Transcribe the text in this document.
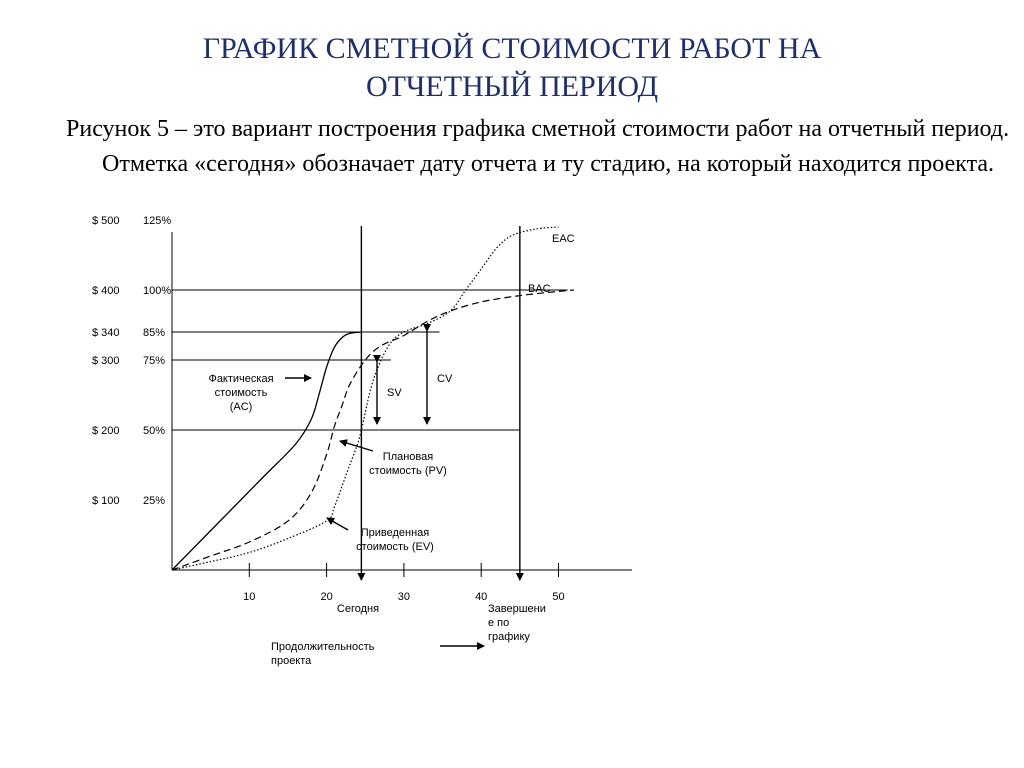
ГРАФИК СМЕТНОЙ СТОИМОСТИ РАБОТ НА
ОТЧЕТНЫЙ ПЕРИОД

Рисунок 5 – это вариант построения графика сметной стоимости работ на отчетный период. Отметка «сегодня» обозначает дату отчета и ту стадию, на который находится проекта.

$ 500 125%
$ 400 100%
$ 340 85%
$ 300 75%
$ 200 50%
$ 100 25%
10	20	30	40	50
EAC
BAC
Фактическая
стоимость
(AC)
Плановая
стоимость (PV)
Приведенная
стоимость (EV)
SV
CV
Сегодня	Завершени
е по
графику
Продолжительность
проекта
